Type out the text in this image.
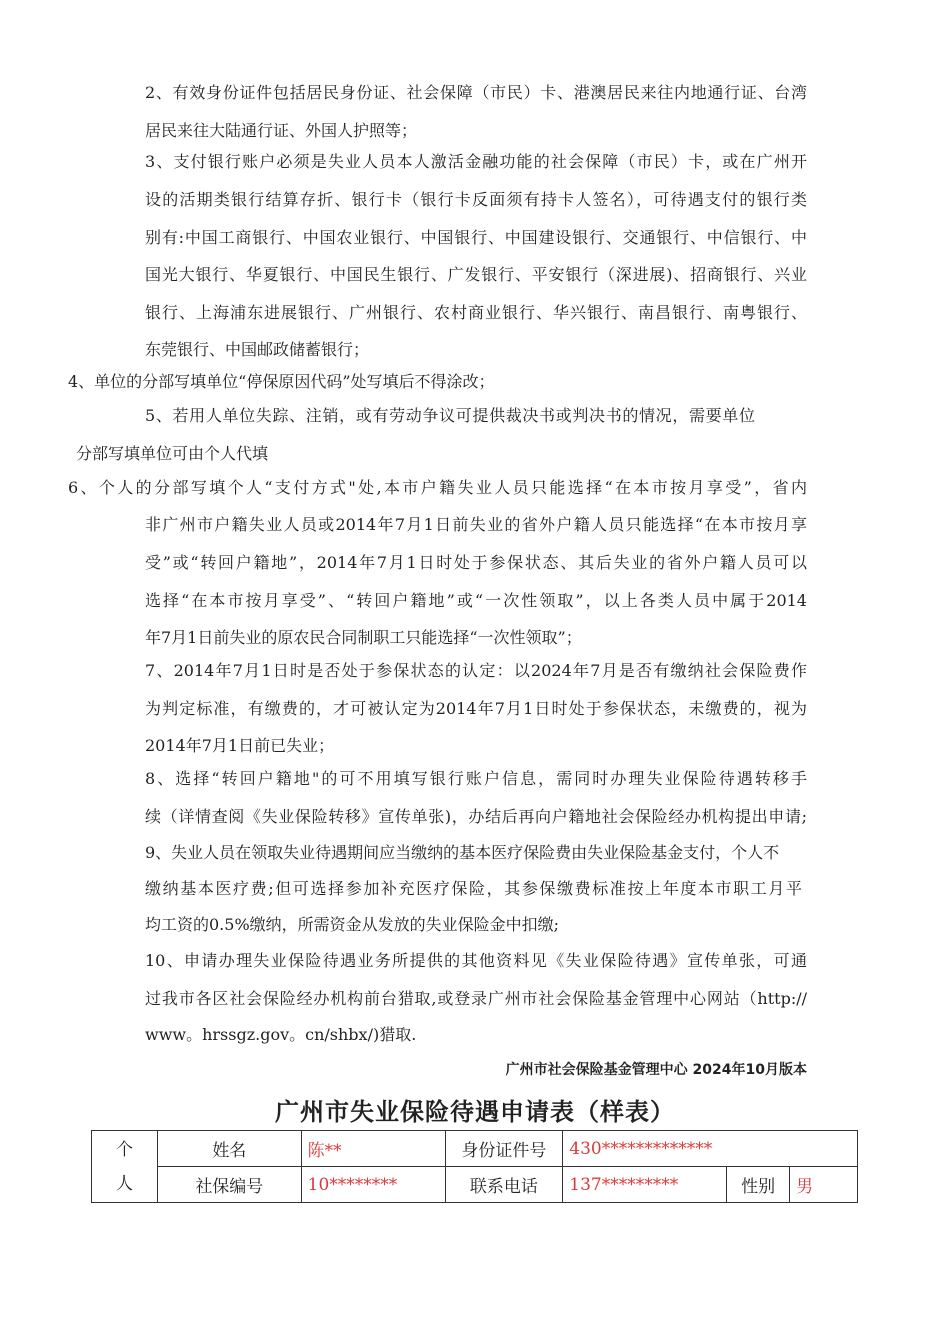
2、有效身份证件包括居民身份证、社会保障（市民）卡、港澳居民来往内地通行证、台湾
居民来往大陆通行证、外国人护照等；
3、支付银行账户必须是失业人员本人激活金融功能的社会保障（市民）卡，或在广州开
设的活期类银行结算存折、银行卡（银行卡反面须有持卡人签名），可待遇支付的银行类
别有:中国工商银行、中国农业银行、中国银行、中国建设银行、交通银行、中信银行、中
国光大银行、华夏银行、中国民生银行、广发银行、平安银行（深进展)、招商银行、兴业
银行、上海浦东进展银行、广州银行、农村商业银行、华兴银行、南昌银行、南粤银行、
东莞银行、中国邮政储蓄银行；
4、单位的分部写填单位“停保原因代码”处写填后不得涂改；
5、若用人单位失踪、注销，或有劳动争议可提供裁决书或判决书的情况，需要单位
分部写填单位可由个人代填
6、个人的分部写填个人“支付方式"处,本市户籍失业人员只能选择“在本市按月享受”，省内
非广州市户籍失业人员或2014年7月1日前失业的省外户籍人员只能选择“在本市按月享
受”或“转回户籍地”，2014年7月1日时处于参保状态、其后失业的省外户籍人员可以
选择“在本市按月享受”、“转回户籍地”或“一次性领取”，以上各类人员中属于2014
年7月1日前失业的原农民合同制职工只能选择“一次性领取”；
7、2014年7月1日时是否处于参保状态的认定：以2024年7月是否有缴纳社会保险费作
为判定标准，有缴费的，才可被认定为2014年7月1日时处于参保状态，未缴费的，视为
2014年7月1日前已失业；
8、选择“转回户籍地"的可不用填写银行账户信息，需同时办理失业保险待遇转移手
续（详情查阅《失业保险转移》宣传单张)，办结后再向户籍地社会保险经办机构提出申请;
9、失业人员在领取失业待遇期间应当缴纳的基本医疗保险费由失业保险基金支付，个人不
缴纳基本医疗费;但可选择参加补充医疗保险，其参保缴费标准按上年度本市职工月平
均工资的0.5%缴纳，所需资金从发放的失业保险金中扣缴;
10、申请办理失业保险待遇业务所提供的其他资料见《失业保险待遇》宣传单张，可通
过我市各区社会保险经办机构前台猎取,或登录广州市社会保险基金管理中心网站（http://
www。hrssgz.gov。cn/shbx/)猎取.
广州市社会保险基金管理中心 2024年10月版本
广州市失业保险待遇申请表（样表）
个人	姓名	陈**	身份证件号	430*************		
	社保编号	10********	联系电话	137*********	性别	男
